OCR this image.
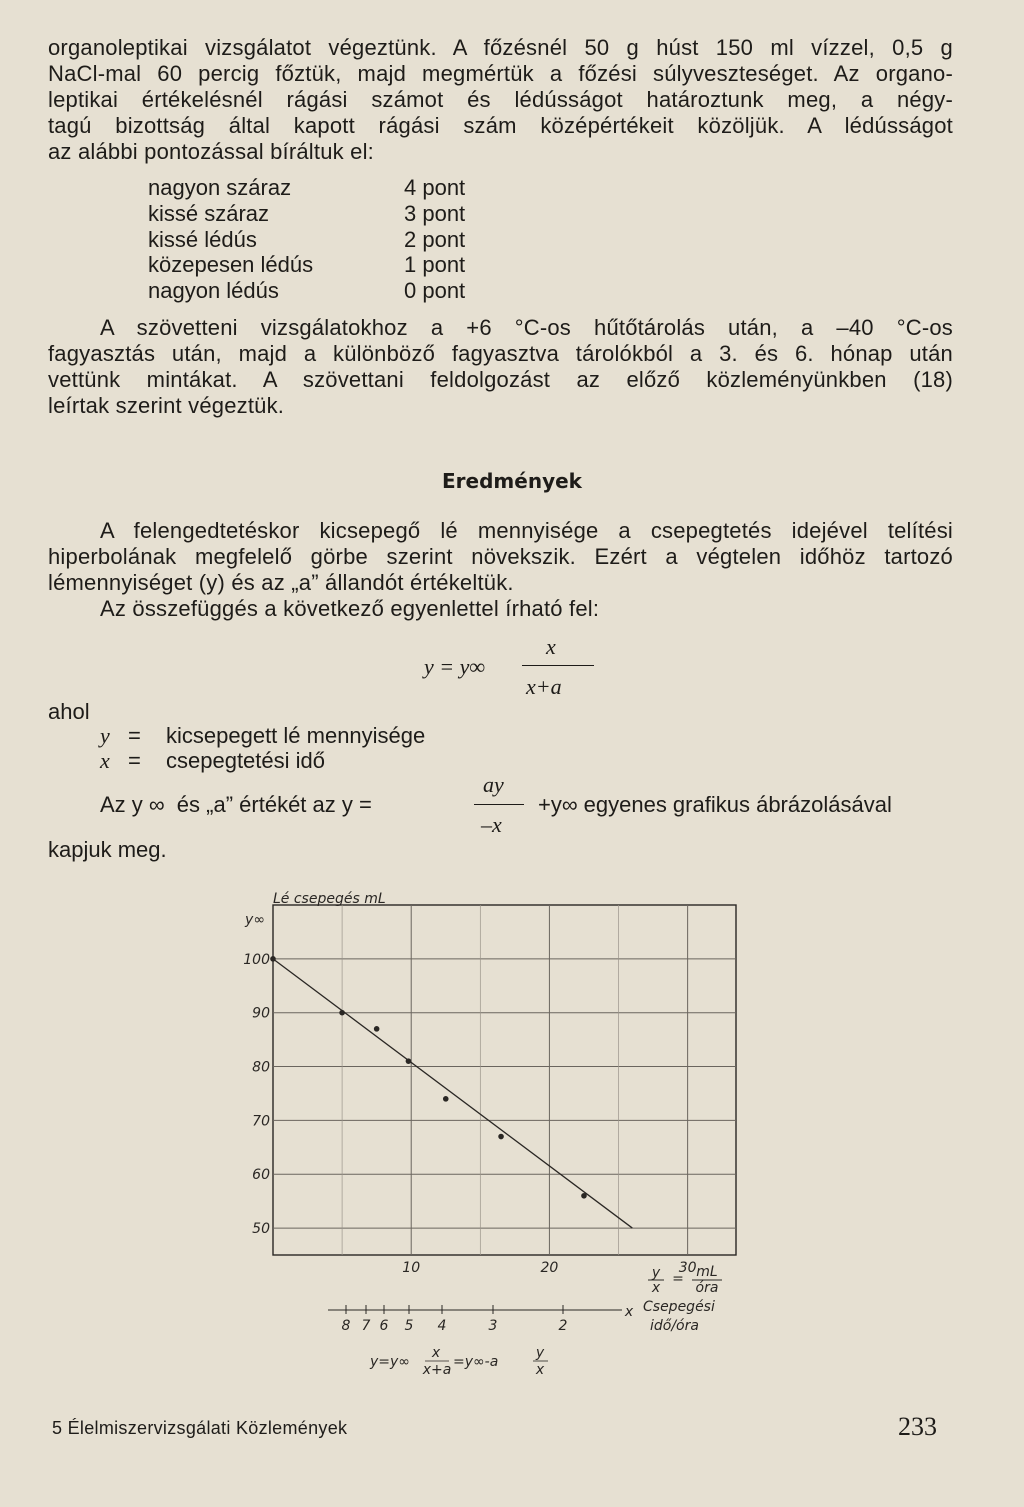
organoleptikai vizsgálatot végeztünk. A főzésnél 50 g húst 150 ml vízzel, 0,5 g
NaCl-mal 60 percig főztük, majd megmértük a főzési súlyveszteséget. Az organo-
leptikai értékelésnél rágási számot és lédússágot határoztunk meg, a négy-
tagú bizottság által kapott rágási szám középértékeit közöljük. A lédússágot
az alábbi pontozással bíráltuk el:
nagyon száraz	4 pont
kissé száraz	3 pont
kissé lédús	2 pont
közepesen lédús	1 pont
nagyon lédús	0 pont
A szövetteni vizsgálatokhoz a +6 °C-os hűtőtárolás után, a –40 °C-os
fagyasztás után, majd a különböző fagyasztva tárolókból a 3. és 6. hónap után
vettünk mintákat. A szövettani feldolgozást az előző közleményünkben (18)
leírtak szerint végeztük.
Eredmények
A felengedtetéskor kicsepegő lé mennyisége a csepegtetés idejével telítési
hiperbolának megfelelő görbe szerint növekszik. Ezért a végtelen időhöz tartozó
lémennyiséget (y) és az „a” állandót értékeltük.
Az összefüggés a következő egyenlettel írható fel:
y = y∞
x
x+a
ahol
y = kicsepegett lé mennyisége
x = csepegtetési idő
Az y ∞  és „a” értékét az y =
ay
–x
+y∞ egyenes grafikus ábrázolásával
kapjuk meg.
100
90
80
70
60
50
10	20	30
Lé csepegés mL
y∞
y
x
= mL
óra
8 7 6 5 4	3	2
x Csepegési
idő/óra
y=y∞
x
x+a =y∞-a
y
x
5 Élelmiszervizsgálati Közlemények	233
